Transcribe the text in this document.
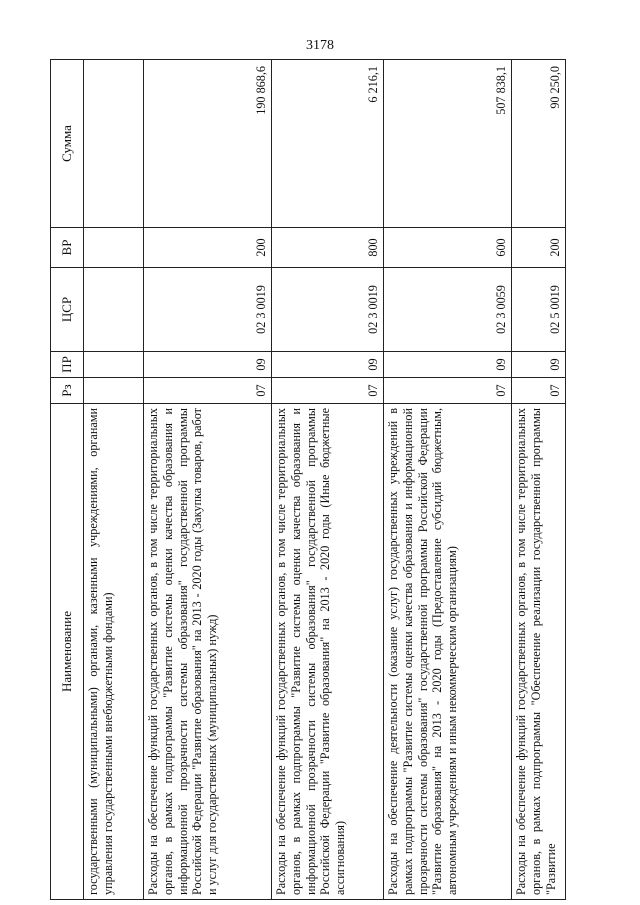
3178
Наименование	Рз	ПР	ЦСР	ВР	Сумма
государственными (муниципальными) органами, казенными учреждениями, органами управления государственными внебюджетными фондами)					
Расходы на обеспечение функций государственных органов, в том числе территориальных органов, в рамках подпрограммы "Развитие системы оценки качества образования и информационной прозрачности системы образования" государственной программы Российской Федерации "Развитие образования" на 2013 - 2020 годы (Закупка товаров, работ и услуг для государственных (муниципальных) нужд)	07	09	02 3 0019	200	190 868,6
Расходы на обеспечение функций государственных органов, в том числе территориальных органов, в рамках подпрограммы "Развитие системы оценки качества образования и информационной прозрачности системы образования" государственной программы Российской Федерации "Развитие образования" на 2013 - 2020 годы (Иные бюджетные ассигнования)	07	09	02 3 0019	800	6 216,1
Расходы на обеспечение деятельности (оказание услуг) государственных учреждений в рамках подпрограммы "Развитие системы оценки качества образования и информационной прозрачности системы образования" государственной программы Российской Федерации "Развитие образования" на 2013 - 2020 годы (Предоставление субсидий бюджетным, автономным учреждениям и иным некоммерческим организациям)	07	09	02 3 0059	600	507 838,1
Расходы на обеспечение функций государственных органов, в том числе территориальных органов, в рамках подпрограммы "Обеспечение реализации государственной программы "Развитие	07	09	02 5 0019	200	90 250,0
